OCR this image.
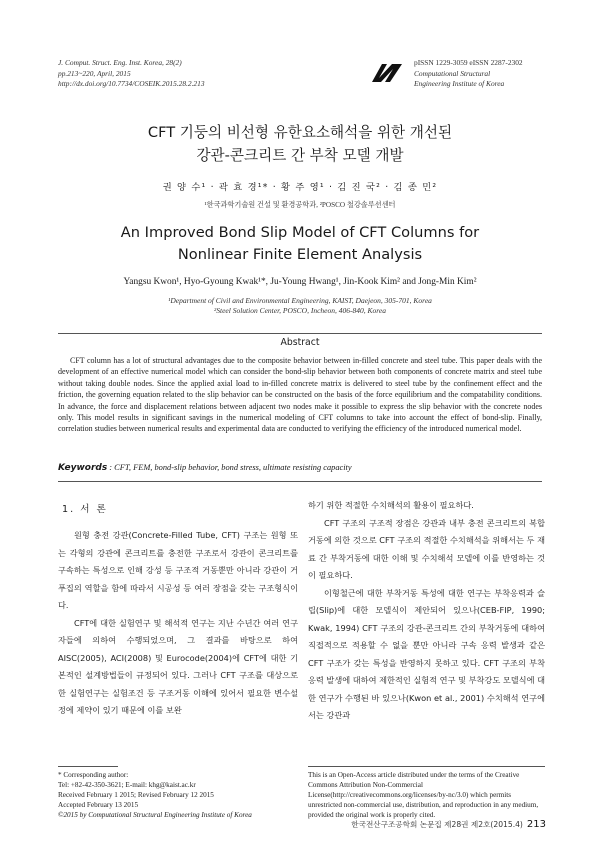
J. Comput. Struct. Eng. Inst. Korea, 28(2)
pp.213~220, April, 2015
http://dx.doi.org/10.7734/COSEIK.2015.28.2.213
pISSN 1229-3059 eISSN 2287-2302
Computational Structural
Engineering Institute of Korea
CFT 기둥의 비선형 유한요소해석을 위한 개선된
강관-콘크리트 간 부착 모델 개발
권 양 수¹ · 곽 효 경¹* · 황 주 영¹ · 김 진 국² · 김 종 민²
¹한국과학기술원 건설 및 환경공학과, ²POSCO 철강솔루션센터
An Improved Bond Slip Model of CFT Columns for
Nonlinear Finite Element Analysis
Yangsu Kwon¹, Hyo-Gyoung Kwak¹*, Ju-Young Hwang¹, Jin-Kook Kim² and Jong-Min Kim²
¹Department of Civil and Environmental Engineering, KAIST, Daejeon, 305-701, Korea
²Steel Solution Center, POSCO, Incheon, 406-840, Korea
Abstract
CFT column has a lot of structural advantages due to the composite behavior between in-filled concrete and steel tube. This paper deals with the development of an effective numerical model which can consider the bond-slip behavior between both components of concrete matrix and steel tube without taking double nodes. Since the applied axial load to in-filled concrete matrix is delivered to steel tube by the confinement effect and the friction, the governing equation related to the slip behavior can be constructed on the basis of the force equilibrium and the compatability conditions. In advance, the force and displacement relations between adjacent two nodes make it possible to express the slip behavior with the concrete nodes only. This model results in significant savings in the numerical modeling of CFT columns to take into account the effect of bond-slip. Finally, correlation studies between numerical results and experimental data are conducted to verifying the efficiency of the introduced numerical model.
Keywords : CFT, FEM, bond-slip behavior, bond stress, ultimate resisting capacity
1. 서 론

원형 충전 강관(Concrete-Filled Tube, CFT) 구조는 원형 또는 각형의 강관에 콘크리트를 충전한 구조로서 강관이 콘크리트를 구속하는 특성으로 인해 강성 등 구조적 거동뿐만 아니라 강관이 거푸집의 역할을 함에 따라서 시공성 등 여러 장점을 갖는 구조형식이다.

CFT에 대한 실험연구 및 해석적 연구는 지난 수년간 여러 연구자들에 의하여 수행되었으며, 그 결과를 바탕으로 하여 AISC(2005), ACI(2008) 및 Eurocode(2004)에 CFT에 대한 기본적인 설계방법들이 규정되어 있다. 그러나 CFT 구조를 대상으로 한 실험연구는 실험조건 등 구조거동 이해에 있어서 필요한 변수설정에 제약이 있기 때문에 이를 보완

하기 위한 적절한 수치해석의 활용이 필요하다.

CFT 구조의 구조적 장점은 강관과 내부 충전 콘크리트의 복합거동에 의한 것으로 CFT 구조의 적절한 수치해석을 위해서는 두 재료 간 부착거동에 대한 이해 및 수치해석 모델에 이를 반영하는 것이 필요하다.

이형철근에 대한 부착거동 특성에 대한 연구는 부착응력과 슬립(Slip)에 대한 모델식이 제안되어 있으나(CEB-FIP, 1990; Kwak, 1994) CFT 구조의 강관-콘크리트 간의 부착거동에 대하여 직접적으로 적용할 수 없을 뿐만 아니라 구속 응력 발생과 같은 CFT 구조가 갖는 특성을 반영하지 못하고 있다. CFT 구조의 부착응력 발생에 대하여 제한적인 실험적 연구 및 부착강도 모델식에 대한 연구가 수행된 바 있으나(Kwon et al., 2001) 수치해석 연구에서는 강관과

* Corresponding author:
Tel: +82-42-350-3621; E-mail: khg@kaist.ac.kr
Received February 1 2015; Revised February 12 2015
Accepted February 13 2015
©2015 by Computational Structural Engineering Institute of Korea
This is an Open-Access article distributed under the terms of the Creative Commons Attribution Non-Commercial License(http://creativecommons.org/licenses/by-nc/3.0) which permits unrestricted non-commercial use, distribution, and reproduction in any medium, provided the original work is properly cited.
한국전산구조공학회 논문집 제28권 제2호(2015.4) 213
